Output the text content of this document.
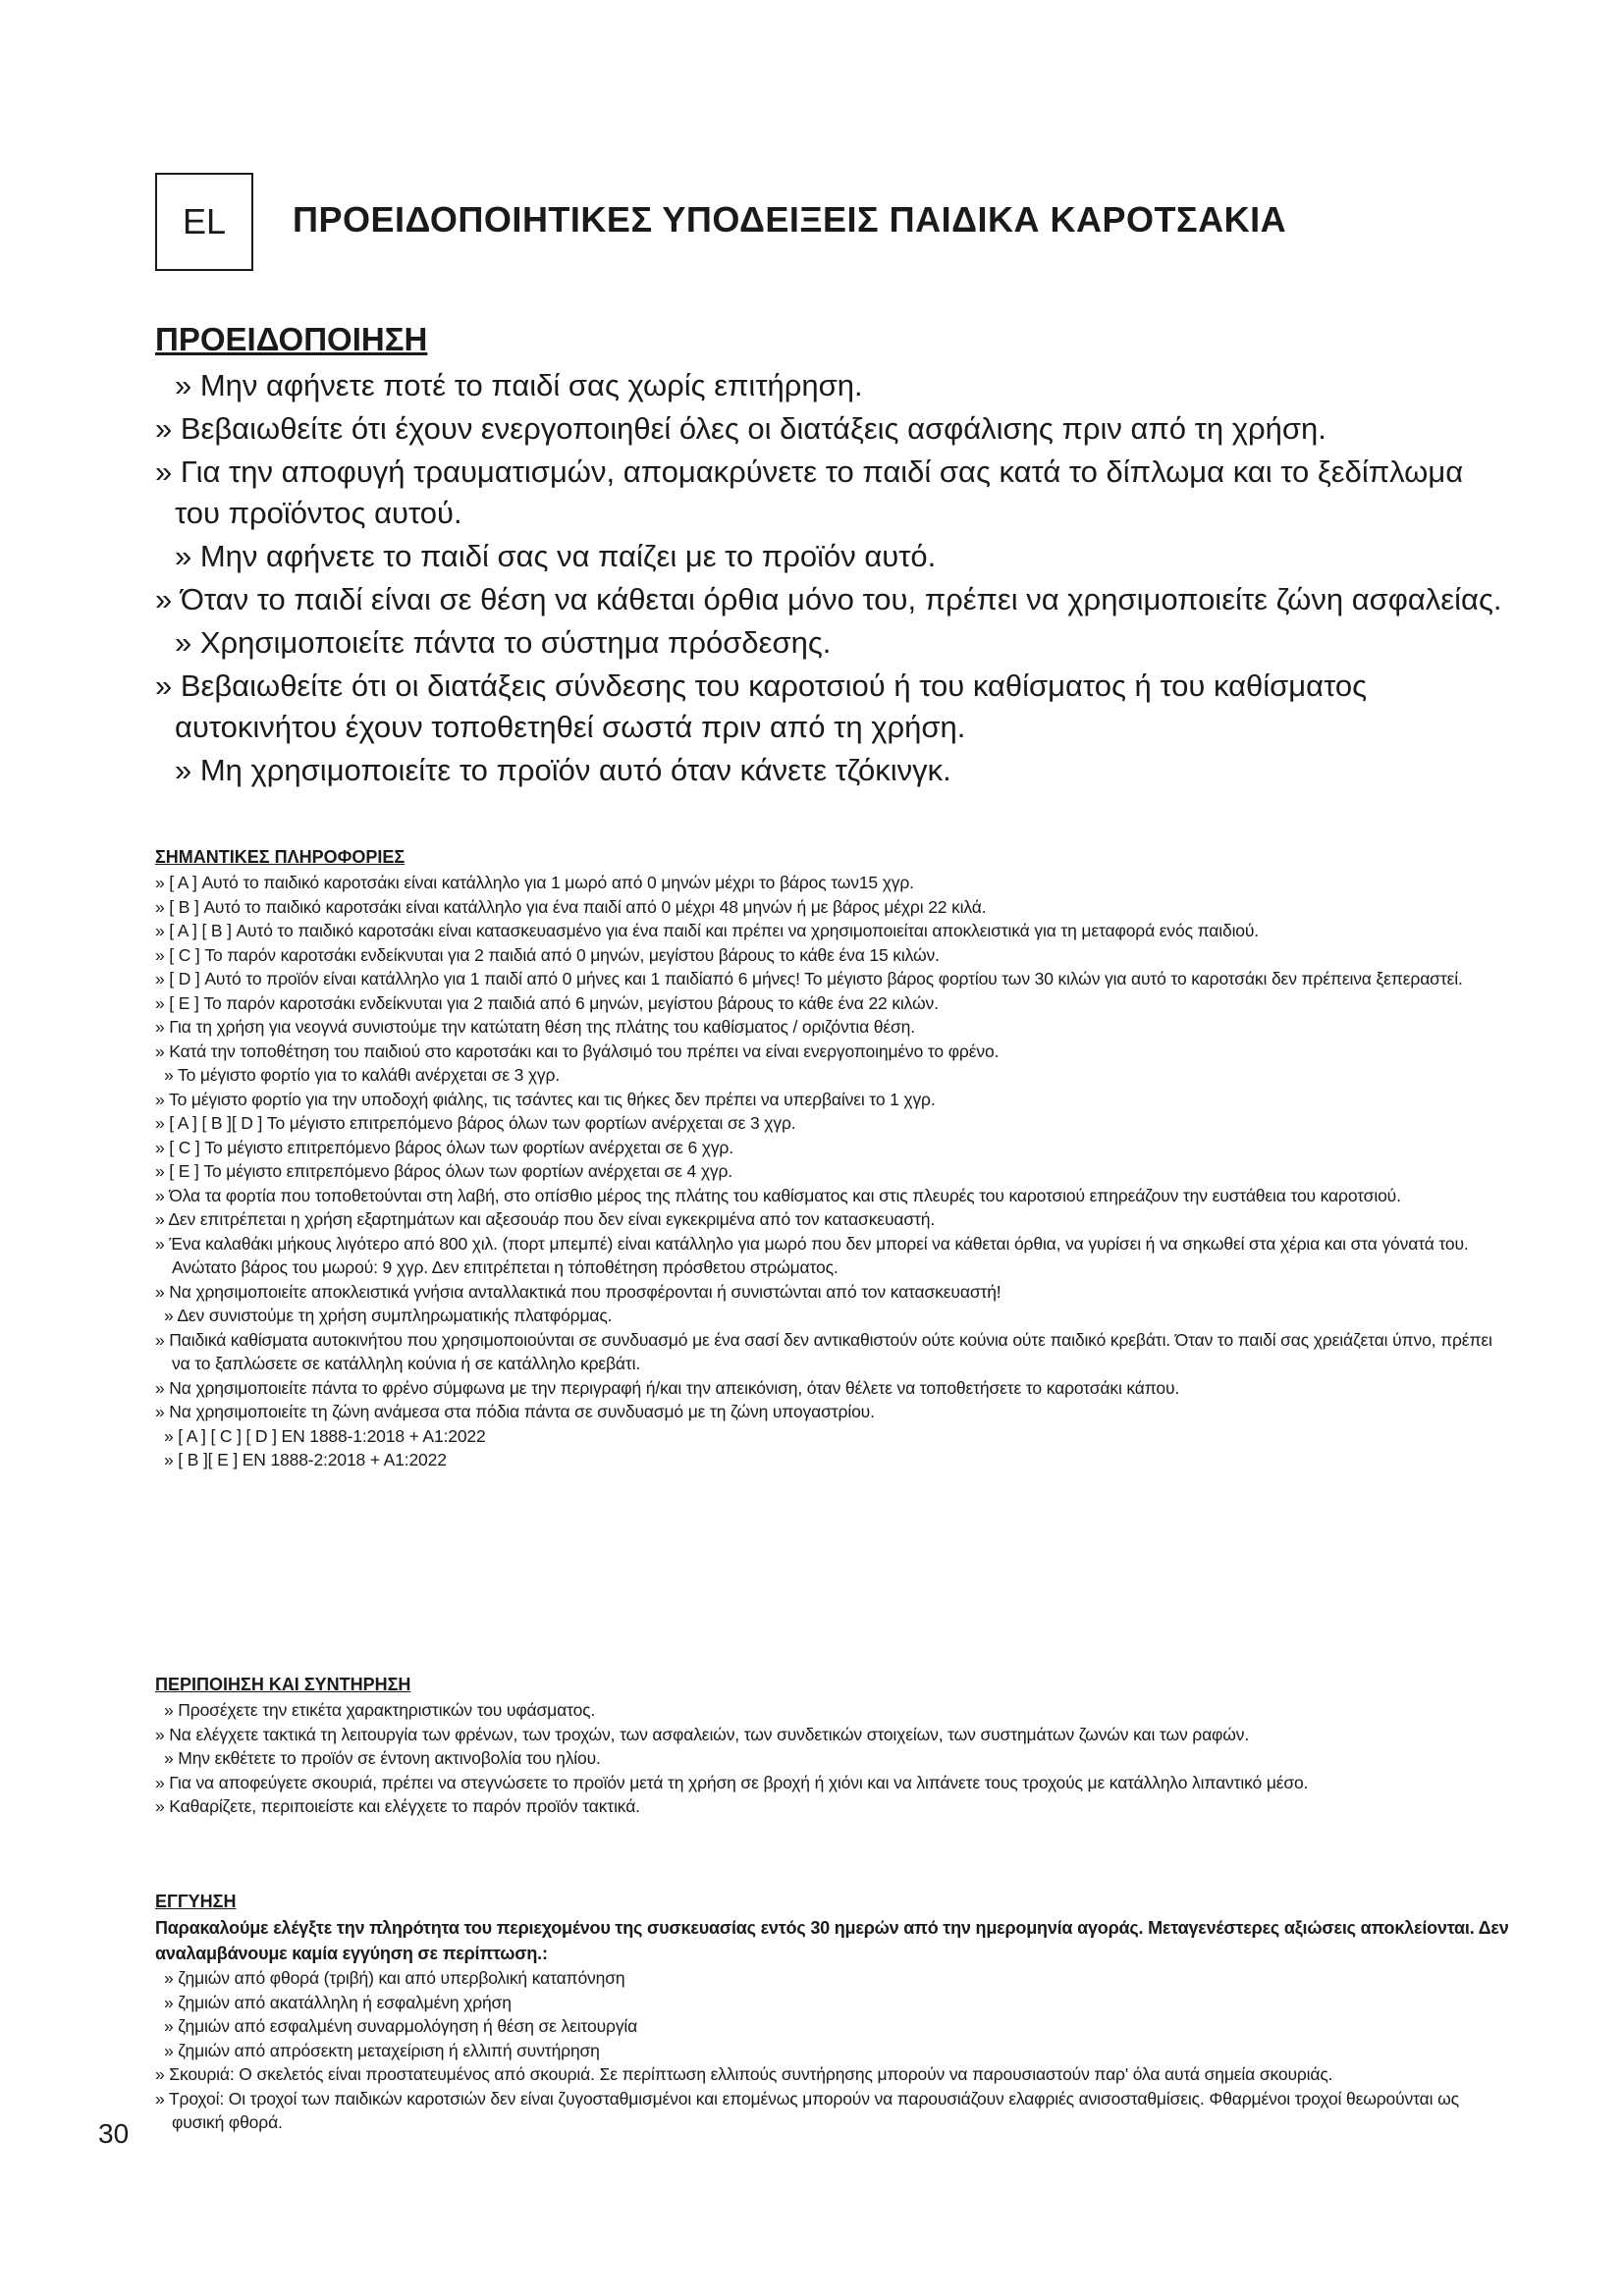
EL ΠΡΟΕΙΔΟΠΟΙΗΤΙΚΕΣ ΥΠΟΔΕΙΞΕΙΣ ΠΑΙΔΙΚΑ ΚΑΡΟΤΣΑΚΙΑ
ΠΡΟΕΙΔΟΠΟΙΗΣΗ
» Μην αφήνετε ποτέ το παιδί σας χωρίς επιτήρηση.
» Βεβαιωθείτε ότι έχουν ενεργοποιηθεί όλες οι διατάξεις ασφάλισης πριν από τη χρήση.
» Για την αποφυγή τραυματισμών, απομακρύνετε το παιδί σας κατά το δίπλωμα και το ξεδίπλωμα του προϊόντος αυτού.
» Μην αφήνετε το παιδί σας να παίζει με το προϊόν αυτό.
» Όταν το παιδί είναι σε θέση να κάθεται όρθια μόνο του, πρέπει να χρησιμοποιείτε ζώνη ασφαλείας.
» Χρησιμοποιείτε πάντα το σύστημα πρόσδεσης.
» Βεβαιωθείτε ότι οι διατάξεις σύνδεσης του καροτσιού ή του καθίσματος ή του καθίσματος αυτοκινήτου έχουν τοποθετηθεί σωστά πριν από τη χρήση.
» Μη χρησιμοποιείτε το προϊόν αυτό όταν κάνετε τζόκινγκ.
ΣΗΜΑΝΤΙΚΕΣ ΠΛΗΡΟΦΟΡΙΕΣ
» [ A ] Αυτό το παιδικό καροτσάκι είναι κατάλληλο για 1 μωρό από 0 μηνών μέχρι το βάρος των15 χγρ.
» [ B ] Αυτό το παιδικό καροτσάκι είναι κατάλληλο για ένα παιδί από 0 μέχρι 48 μηνών ή με βάρος μέχρι 22 κιλά.
» [ A ] [ B ] Αυτό το παιδικό καροτσάκι είναι κατασκευασμένο για ένα παιδί και πρέπει να χρησιμοποιείται αποκλειστικά για τη μεταφορά ενός παιδιού.
» [ C ] Το παρόν καροτσάκι ενδείκνυται για 2 παιδιά από 0 μηνών, μεγίστου βάρους το κάθε ένα 15 κιλών.
» [ D ] Αυτό το προϊόν είναι κατάλληλο για 1 παιδί από 0 μήνες και 1 παιδίαπό 6 μήνες! Το μέγιστο βάρος φορτίου των 30 κιλών για αυτό το καροτσάκι δεν πρέπεινα ξεπεραστεί.
» [ E ] Το παρόν καροτσάκι ενδείκνυται για 2 παιδιά από 6 μηνών, μεγίστου βάρους το κάθε ένα 22 κιλών.
» Για τη χρήση για νεογνά συνιστούμε την κατώτατη θέση της πλάτης του καθίσματος / οριζόντια θέση.
» Κατά την τοποθέτηση του παιδιού στο καροτσάκι και το βγάλσιμό του πρέπει να είναι ενεργοποιημένο το φρένο.
» Το μέγιστο φορτίο για το καλάθι ανέρχεται σε 3 χγρ.
» Το μέγιστο φορτίο για την υποδοχή φιάλης, τις τσάντες και τις θήκες δεν πρέπει να υπερβαίνει το 1 χγρ.
» [ A ] [ B ][ D ] Το μέγιστο επιτρεπόμενο βάρος όλων των φορτίων ανέρχεται σε 3 χγρ.
» [ C ] Το μέγιστο επιτρεπόμενο βάρος όλων των φορτίων ανέρχεται σε 6 χγρ.
» [ E ] Το μέγιστο επιτρεπόμενο βάρος όλων των φορτίων ανέρχεται σε 4 χγρ.
» Όλα τα φορτία που τοποθετούνται στη λαβή, στο οπίσθιο μέρος της πλάτης του καθίσματος και στις πλευρές του καροτσιού επηρεάζουν την ευστάθεια του καροτσιού.
» Δεν επιτρέπεται η χρήση εξαρτημάτων και αξεσουάρ που δεν είναι εγκεκριμένα από τον κατασκευαστή.
» Ένα καλαθάκι μήκους λιγότερο από 800 χιλ. (πορτ μπεμπέ) είναι κατάλληλο για μωρό που δεν μπορεί να κάθεται όρθια, να γυρίσει ή να σηκωθεί στα χέρια και στα γόνατά του. Ανώτατο βάρος του μωρού: 9 χγρ. Δεν επιτρέπεται η τόποθέτηση πρόσθετου στρώματος.
» Να χρησιμοποιείτε αποκλειστικά γνήσια ανταλλακτικά που προσφέρονται ή συνιστώνται από τον κατασκευαστή!
» Δεν συνιστούμε τη χρήση συμπληρωματικής πλατφόρμας.
» Παιδικά καθίσματα αυτοκινήτου που χρησιμοποιούνται σε συνδυασμό με ένα σασί δεν αντικαθιστούν ούτε κούνια ούτε παιδικό κρεβάτι. Όταν το παιδί σας χρειάζεται ύπνο, πρέπει να το ξαπλώσετε σε κατάλληλη κούνια ή σε κατάλληλο κρεβάτι.
» Να χρησιμοποιείτε πάντα το φρένο σύμφωνα με την περιγραφή ή/και την απεικόνιση, όταν θέλετε να τοποθετήσετε το καροτσάκι κάπου.
» Να χρησιμοποιείτε τη ζώνη ανάμεσα στα πόδια πάντα σε συνδυασμό με τη ζώνη υπογαστρίου.
» [ A ] [ C ] [ D ] EN 1888-1:2018 + A1:2022
» [ B ][ E ] EN 1888-2:2018 + A1:2022
ΠΕΡΙΠΟΙΗΣΗ ΚΑΙ ΣΥΝΤΗΡΗΣΗ
» Προσέχετε την ετικέτα χαρακτηριστικών του υφάσματος.
» Να ελέγχετε τακτικά τη λειτουργία των φρένων, των τροχών, των ασφαλειών, των συνδετικών στοιχείων, των συστημάτων ζωνών και των ραφών.
» Μην εκθέτετε το προϊόν σε έντονη ακτινοβολία του ηλίου.
» Για να αποφεύγετε σκουριά, πρέπει να στεγνώσετε το προϊόν μετά τη χρήση σε βροχή ή χιόνι και να λιπάνετε τους τροχούς με κατάλληλο λιπαντικό μέσο.
» Καθαρίζετε, περιποιείστε και ελέγχετε το παρόν προϊόν τακτικά.
ΕΓΓΥΗΣΗ
Παρακαλούμε ελέγξτε την πληρότητα του περιεχομένου της συσκευασίας εντός 30 ημερών από την ημερομηνία αγοράς. Μεταγενέστερες αξιώσεις αποκλείονται. Δεν αναλαμβάνουμε καμία εγγύηση σε περίπτωση.:
» ζημιών από φθορά (τριβή) και από υπερβολική καταπόνηση
» ζημιών από ακατάλληλη ή εσφαλμένη χρήση
» ζημιών από εσφαλμένη συναρμολόγηση ή θέση σε λειτουργία
» ζημιών από απρόσεκτη μεταχείριση ή ελλιπή συντήρηση
» Σκουριά: Ο σκελετός είναι προστατευμένος από σκουριά. Σε περίπτωση ελλιπούς συντήρησης μπορούν να παρουσιαστούν παρ' όλα αυτά σημεία σκουριάς.
» Τροχοί: Οι τροχοί των παιδικών καροτσιών δεν είναι ζυγοσταθμισμένοι και επομένως μπορούν να παρουσιάζουν ελαφριές ανισοσταθμίσεις. Φθαρμένοι τροχοί θεωρούνται ως φυσική φθορά.
30
